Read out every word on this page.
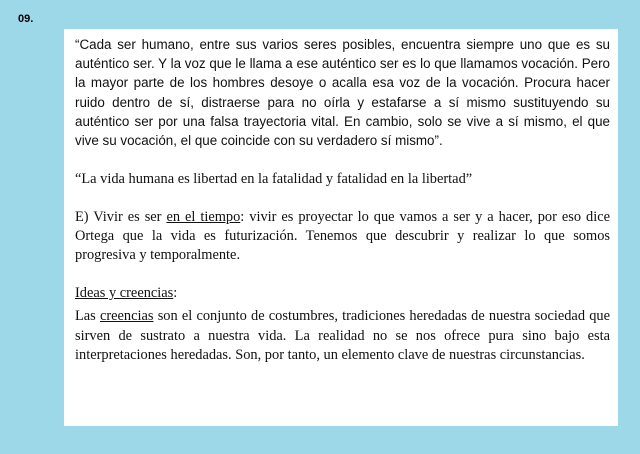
09.

“Cada ser humano, entre sus varios seres posibles, encuentra siempre uno que es su auténtico ser. Y la voz que le llama a ese auténtico ser es lo que llamamos vocación. Pero la mayor parte de los hombres desoye o acalla esa voz de la vocación. Procura hacer ruido dentro de sí, distraerse para no oírla y estafarse a sí mismo sustituyendo su auténtico ser por una falsa trayectoria vital. En cambio, solo se vive a sí mismo, el que vive su vocación, el que coincide con su verdadero sí mismo”.

“La vida humana es libertad en la fatalidad y fatalidad en la libertad”

E) Vivir es ser en el tiempo: vivir es proyectar lo que vamos a ser y a hacer, por eso dice Ortega que la vida es futurización. Tenemos que descubrir y realizar lo que somos progresiva y temporalmente.

Ideas y creencias:

Las creencias son el conjunto de costumbres, tradiciones heredadas de nuestra sociedad que sirven de sustrato a nuestra vida. La realidad no se nos ofrece pura sino bajo esta interpretaciones heredadas. Son, por tanto, un elemento clave de nuestras circunstancias.
